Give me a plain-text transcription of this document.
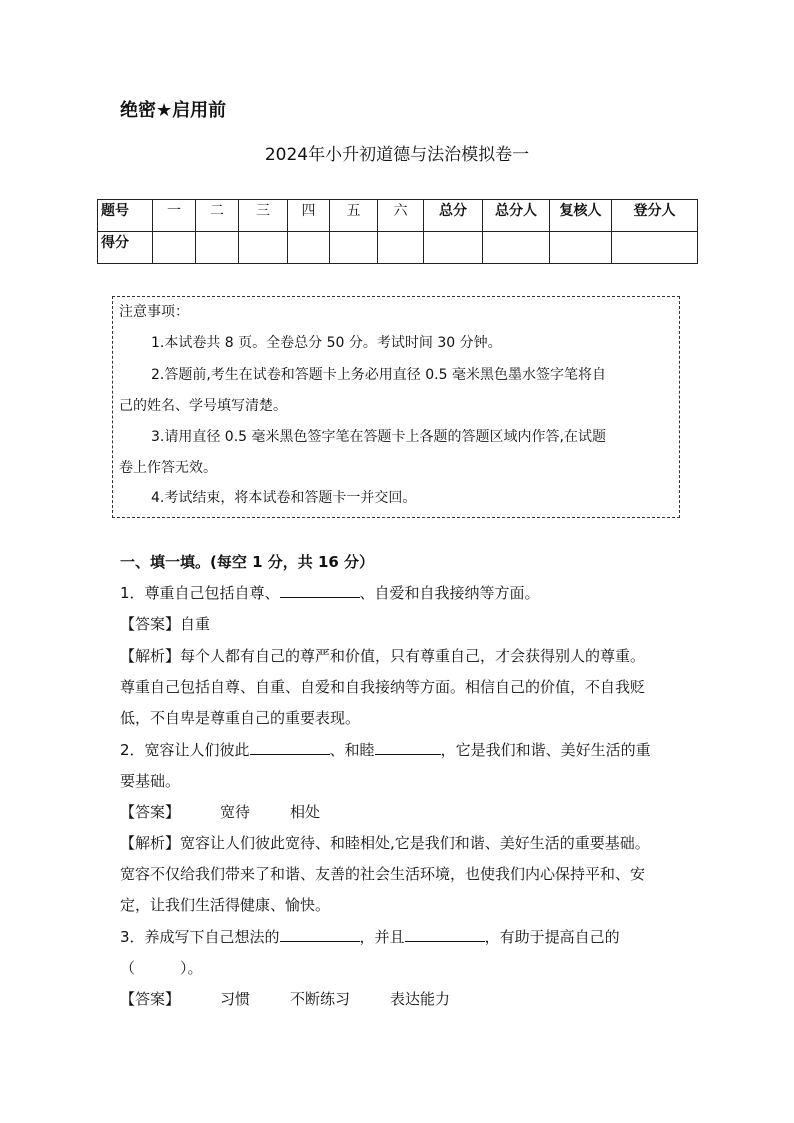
绝密★启用前
2024年小升初道德与法治模拟卷一
题号	一	二	三	四	五	六	总分	总分人	复核人	登分人
得分										
注意事项：
1.本试卷共 8 页。全卷总分 50 分。考试时间 30 分钟。
2.答题前,考生在试卷和答题卡上务必用直径 0.5 毫米黑色墨水签字笔将自
己的姓名、学号填写清楚。
3.请用直径 0.5 毫米黑色签字笔在答题卡上各题的答题区域内作答,在试题
卷上作答无效。
4.考试结束，将本试卷和答题卡一并交回。
一、填一填。(每空 1 分，共 16 分）
1．尊重自己包括自尊、	、自爱和自我接纳等方面。
【答案】自重
【解析】每个人都有自己的尊严和价值，只有尊重自己，才会获得别人的尊重。
尊重自己包括自尊、自重、自爱和自我接纳等方面。相信自己的价值，不自我贬
低，不自卑是尊重自己的重要表现。
2．宽容让人们彼此	、和睦	，它是我们和谐、美好生活的重
要基础。
【答案】	宽待	相处
【解析】宽容让人们彼此宽待、和睦相处,它是我们和谐、美好生活的重要基础。
宽容不仅给我们带来了和谐、友善的社会生活环境，也使我们内心保持平和、安
定，让我们生活得健康、愉快。
3．养成写下自己想法的	，并且	，有助于提高自己的
（　　　）。
【答案】	习惯	不断练习	表达能力
